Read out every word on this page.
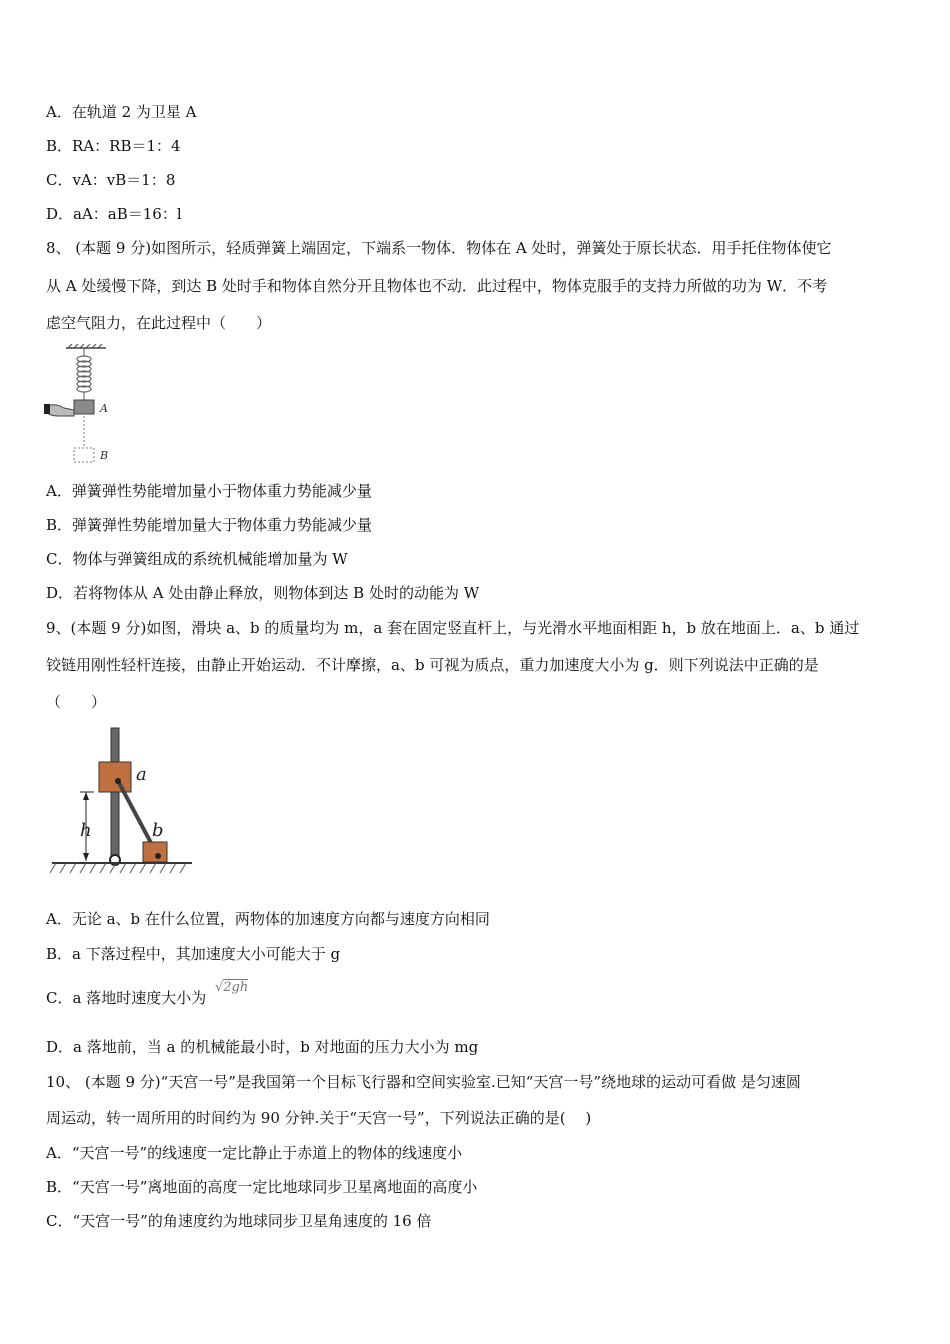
A．在轨道 2 为卫星 A
B．RA：RB＝1：4
C．vA：vB＝1：8
D．aA：aB＝16：l
8、 (本题 9 分)如图所示，轻质弹簧上端固定，下端系一物体．物体在 A 处时，弹簧处于原长状态．用手托住物体使它
从 A 处缓慢下降，到达 B 处时手和物体自然分开且物体也不动．此过程中，物体克服手的支持力所做的功为 W．不考
虑空气阻力，在此过程中（　　）
A
B
A．弹簧弹性势能增加量小于物体重力势能减少量
B．弹簧弹性势能增加量大于物体重力势能减少量
C．物体与弹簧组成的系统机械能增加量为 W
D．若将物体从 A 处由静止释放，则物体到达 B 处时的动能为 W
9、(本题 9 分)如图，滑块 a、b 的质量均为 m，a 套在固定竖直杆上，与光滑水平地面相距 h，b 放在地面上．a、b 通过
铰链用刚性轻杆连接，由静止开始运动．不计摩擦，a、b 可视为质点，重力加速度大小为 g．则下列说法中正确的是
（　　）
h
a
b
A．无论 a、b 在什么位置，两物体的加速度方向都与速度方向相同
B．a 下落过程中，其加速度大小可能大于 g
C．a 落地时速度大小为 √2gh
D．a 落地前，当 a 的机械能最小时，b 对地面的压力大小为 mg
10、 (本题 9 分)“天宫一号”是我国第一个目标飞行器和空间实验室.已知“天宫一号”绕地球的运动可看做 是匀速圆
周运动，转一周所用的时间约为 90 分钟.关于“天宫一号”，下列说法正确的是(　 )
A．“天宫一号”的线速度一定比静止于赤道上的物体的线速度小
B．“天宫一号”离地面的高度一定比地球同步卫星离地面的高度小
C．“天宫一号”的角速度约为地球同步卫星角速度的 16 倍
